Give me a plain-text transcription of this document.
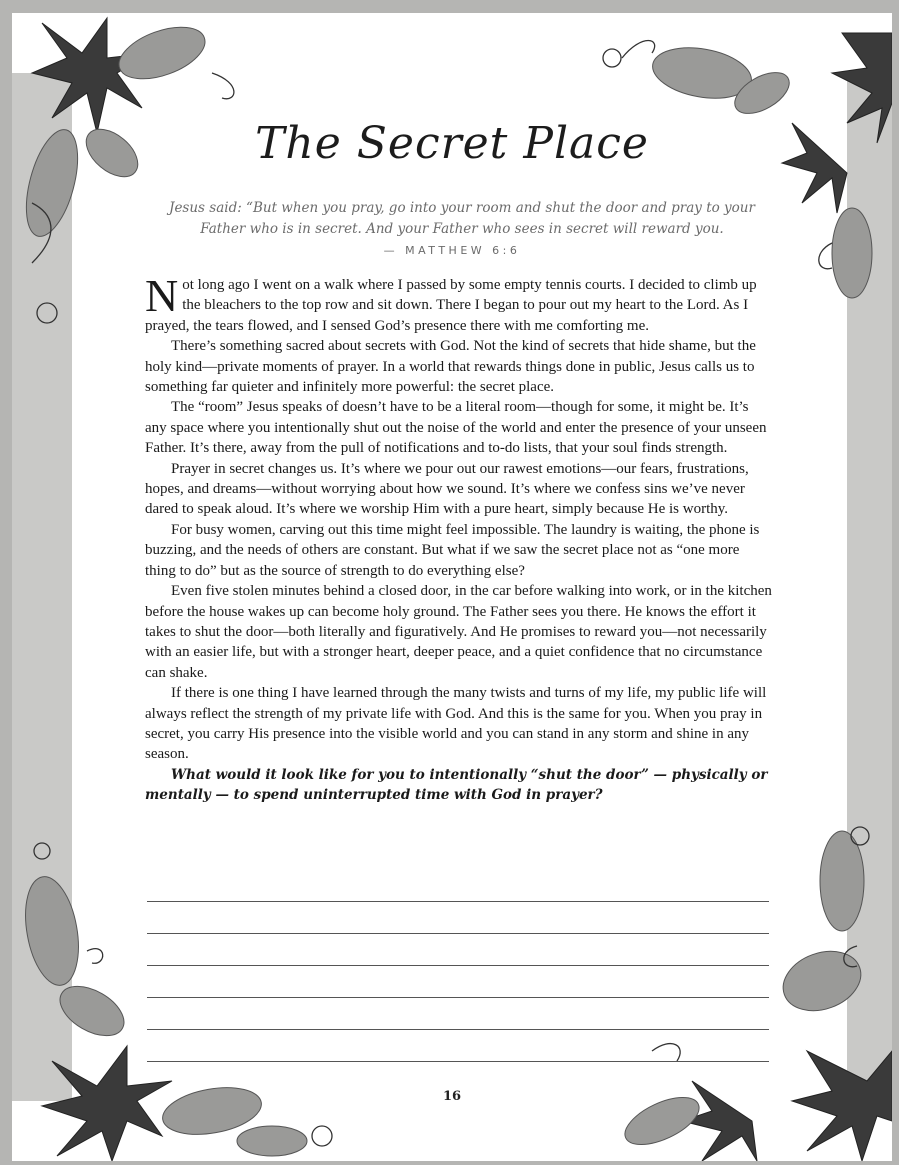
The Secret Place
Jesus said: “But when you pray, go into your room and shut the door and pray to your Father who is in secret. And your Father who sees in secret will reward you.
— MATTHEW 6:6

Not long ago I went on a walk where I passed by some empty tennis courts. I decided to climb up the bleachers to the top row and sit down. There I began to pour out my heart to the Lord. As I prayed, the tears flowed, and I sensed God’s presence there with me comforting me.

There’s something sacred about secrets with God. Not the kind of secrets that hide shame, but the holy kind—private moments of prayer. In a world that rewards things done in public, Jesus calls us to something far quieter and infinitely more powerful: the secret place.

The “room” Jesus speaks of doesn’t have to be a literal room—though for some, it might be. It’s any space where you intentionally shut out the noise of the world and enter the presence of your unseen Father. It’s there, away from the pull of notifications and to-do lists, that your soul finds strength.

Prayer in secret changes us. It’s where we pour out our rawest emotions—our fears, frustrations, hopes, and dreams—without worrying about how we sound. It’s where we confess sins we’ve never dared to speak aloud. It’s where we worship Him with a pure heart, simply because He is worthy.

For busy women, carving out this time might feel impossible. The laundry is waiting, the phone is buzzing, and the needs of others are constant. But what if we saw the secret place not as “one more thing to do” but as the source of strength to do everything else?

Even five stolen minutes behind a closed door, in the car before walking into work, or in the kitchen before the house wakes up can become holy ground. The Father sees you there. He knows the effort it takes to shut the door—both literally and figuratively. And He promises to reward you—not necessarily with an easier life, but with a stronger heart, deeper peace, and a quiet confidence that no circumstance can shake.

If there is one thing I have learned through the many twists and turns of my life, my public life will always reflect the strength of my private life with God. And this is the same for you. When you pray in secret, you carry His presence into the visible world and you can stand in any storm and shine in any season.

What would it look like for you to intentionally “shut the door” — physically or mentally — to spend uninterrupted time with God in prayer?

16
